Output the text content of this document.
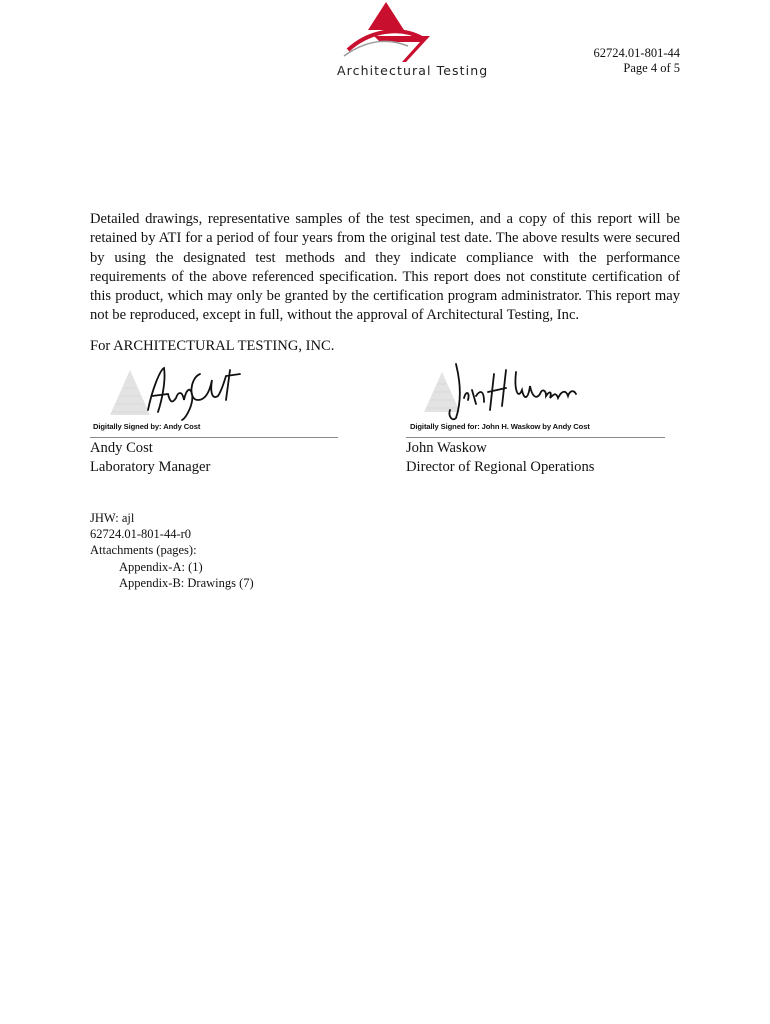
Architectural Testing
62724.01-801-44
Page 4 of 5

Detailed drawings, representative samples of the test specimen, and a copy of this report will be retained by ATI for a period of four years from the original test date. The above results were secured by using the designated test methods and they indicate compliance with the performance requirements of the above referenced specification. This report does not constitute certification of this product, which may only be granted by the certification program administrator. This report may not be reproduced, except in full, without the approval of Architectural Testing, Inc.

For ARCHITECTURAL TESTING, INC.
Digitally Signed by: Andy Cost
Andy Cost
Laboratory Manager
Digitally Signed for: John H. Waskow by Andy Cost
John Waskow
Director of Regional Operations
JHW: ajl
62724.01-801-44-r0
Attachments (pages):
Appendix-A: (1)
Appendix-B: Drawings (7)
